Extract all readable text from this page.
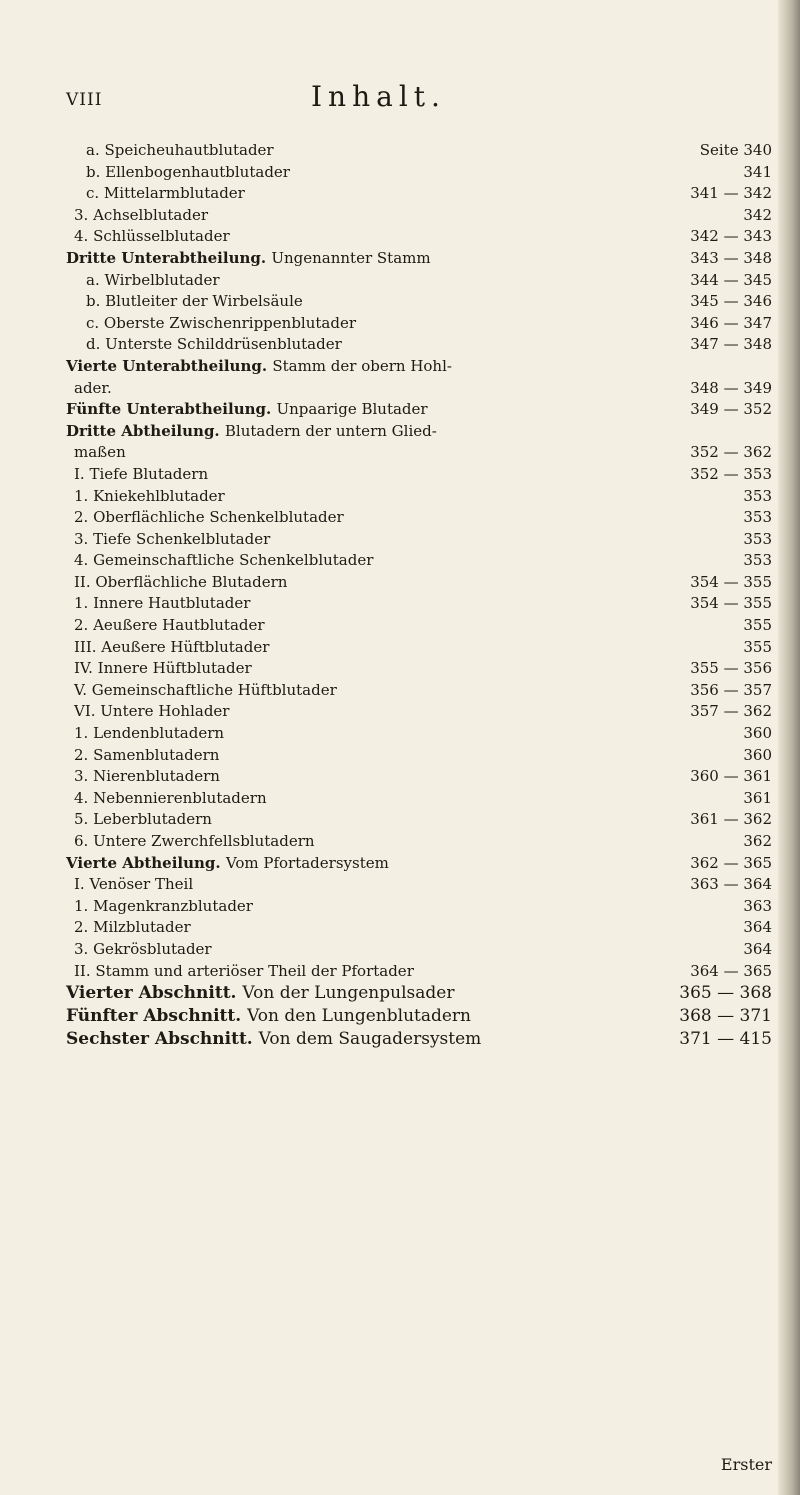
VIII	Inhalt.
a. Speicheuhautblutader	Seite 340
b. Ellenbogenhautblutader	341
c. Mittelarmblutader	341 — 342
3. Achselblutader	342
4. Schlüsselblutader	342 — 343
Dritte Unterabtheilung. Ungenannter Stamm	343 — 348
a. Wirbelblutader	344 — 345
b. Blutleiter der Wirbelsäule	345 — 346
c. Oberste Zwischenrippenblutader	346 — 347
d. Unterste Schilddrüsenblutader	347 — 348
Vierte Unterabtheilung. Stamm der obern Hohl-
ader.	348 — 349
Fünfte Unterabtheilung. Unpaarige Blutader	349 — 352
Dritte Abtheilung. Blutadern der untern Glied-
maßen	352 — 362
I. Tiefe Blutadern	352 — 353
1. Kniekehlblutader	353
2. Oberflächliche Schenkelblutader	353
3. Tiefe Schenkelblutader	353
4. Gemeinschaftliche Schenkelblutader	353
II. Oberflächliche Blutadern	354 — 355
1. Innere Hautblutader	354 — 355
2. Aeußere Hautblutader	355
III. Aeußere Hüftblutader	355
IV. Innere Hüftblutader	355 — 356
V. Gemeinschaftliche Hüftblutader	356 — 357
VI. Untere Hohlader	357 — 362
1. Lendenblutadern	360
2. Samenblutadern	360
3. Nierenblutadern	360 — 361
4. Nebennierenblutadern	361
5. Leberblutadern	361 — 362
6. Untere Zwerchfellsblutadern	362
Vierte Abtheilung. Vom Pfortadersystem	362 — 365
I. Venöser Theil	363 — 364
1. Magenkranzblutader	363
2. Milzblutader	364
3. Gekrösblutader	364
II. Stamm und arteriöser Theil der Pfortader	364 — 365
Vierter Abschnitt. Von der Lungenpulsader	365 — 368
Fünfter Abschnitt. Von den Lungenblutadern	368 — 371
Sechster Abschnitt. Von dem Saugadersystem	371 — 415
Erster
